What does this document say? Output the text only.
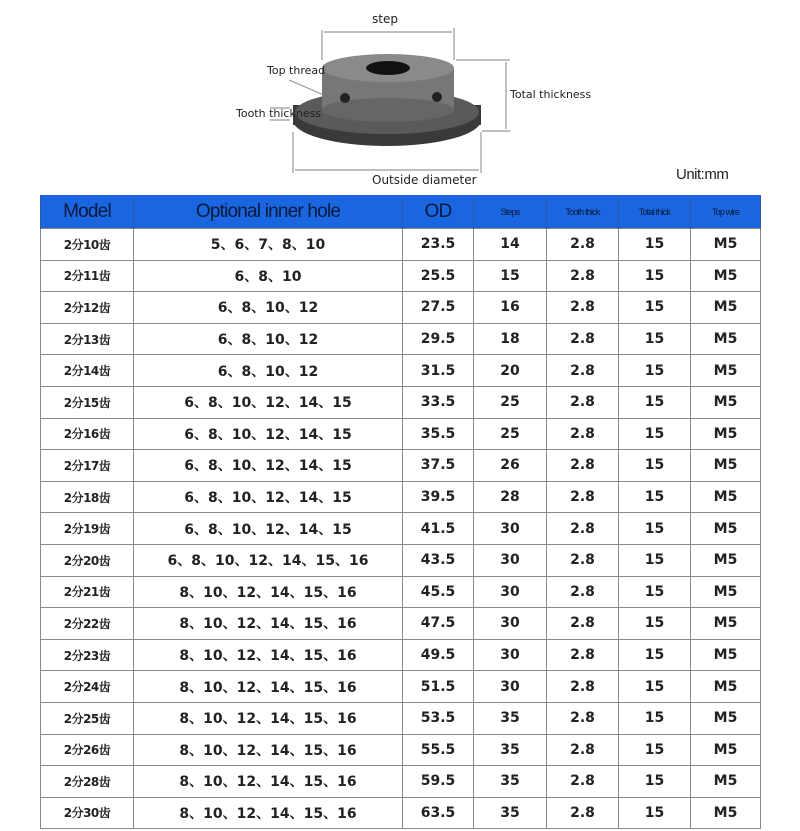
step
Top thread
Tooth thickness
Total thickness
Outside diameter	Unit:mm
Model	Optional inner hole	OD	Steps	Tooth thick	Total thick	Top wire
2分10齿	5、6、7、8、10	23.5	14	2.8	15	M5
2分11齿	6、8、10	25.5	15	2.8	15	M5
2分12齿	6、8、10、12	27.5	16	2.8	15	M5
2分13齿	6、8、10、12	29.5	18	2.8	15	M5
2分14齿	6、8、10、12	31.5	20	2.8	15	M5
2分15齿	6、8、10、12、14、15	33.5	25	2.8	15	M5
2分16齿	6、8、10、12、14、15	35.5	25	2.8	15	M5
2分17齿	6、8、10、12、14、15	37.5	26	2.8	15	M5
2分18齿	6、8、10、12、14、15	39.5	28	2.8	15	M5
2分19齿	6、8、10、12、14、15	41.5	30	2.8	15	M5
2分20齿	6、8、10、12、14、15、16	43.5	30	2.8	15	M5
2分21齿	8、10、12、14、15、16	45.5	30	2.8	15	M5
2分22齿	8、10、12、14、15、16	47.5	30	2.8	15	M5
2分23齿	8、10、12、14、15、16	49.5	30	2.8	15	M5
2分24齿	8、10、12、14、15、16	51.5	30	2.8	15	M5
2分25齿	8、10、12、14、15、16	53.5	35	2.8	15	M5
2分26齿	8、10、12、14、15、16	55.5	35	2.8	15	M5
2分28齿	8、10、12、14、15、16	59.5	35	2.8	15	M5
2分30齿	8、10、12、14、15、16	63.5	35	2.8	15	M5
